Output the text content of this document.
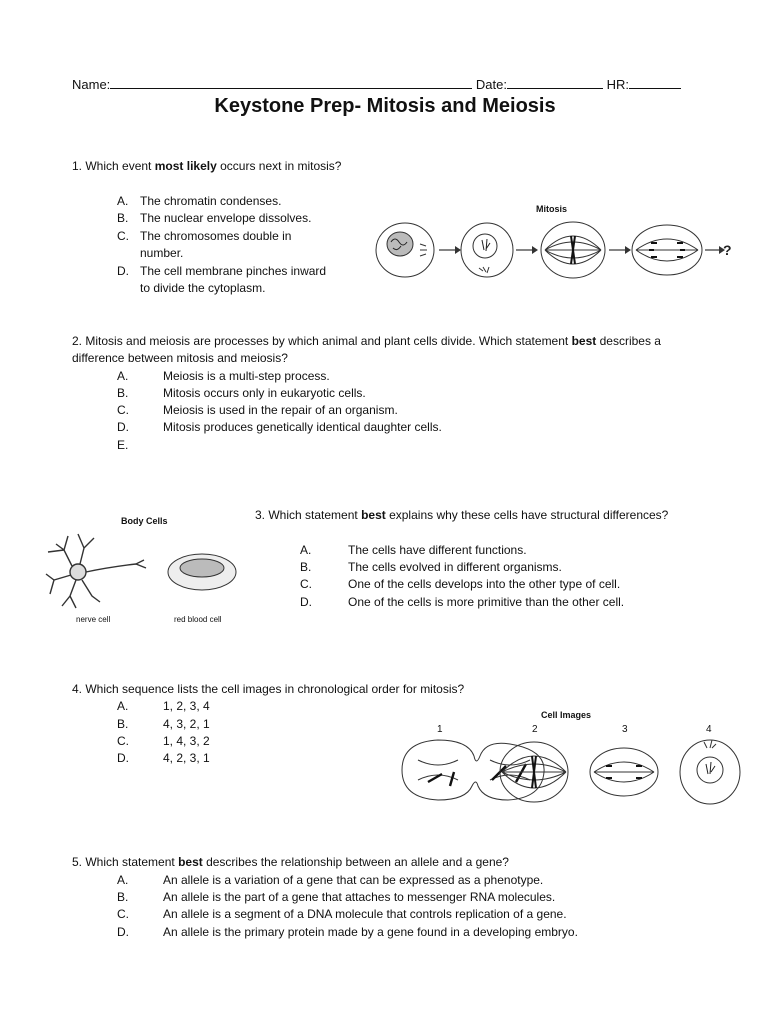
Name:	Date:	HR:
Keystone Prep- Mitosis and Meiosis
1. Which event most likely occurs next in mitosis?
A. The chromatin condenses.
B. The nuclear envelope dissolves.
C. The chromosomes double in
number.
D. The cell membrane pinches inward
to divide the cytoplasm.
Mitosis
?
2. Mitosis and meiosis are processes by which animal and plant cells divide. Which statement best describes a
difference between mitosis and meiosis?
A.	Meiosis is a multi-step process.
B.	Mitosis occurs only in eukaryotic cells.
C.	Meiosis is used in the repair of an organism.
D.	Mitosis produces genetically identical daughter cells.
E.
Body Cells
nerve cell	red blood cell
3. Which statement best explains why these cells have structural differences?
A.	The cells have different functions.
B.	The cells evolved in different organisms.
C.	One of the cells develops into the other type of cell.
D.	One of the cells is more primitive than the other cell.
4. Which sequence lists the cell images in chronological order for mitosis?
A.	1, 2, 3, 4
B.	4, 3, 2, 1
C.	1, 4, 3, 2
D.	4, 2, 3, 1
Cell Images
1	2	3	4
5. Which statement best describes the relationship between an allele and a gene?
A.	An allele is a variation of a gene that can be expressed as a phenotype.
B.	An allele is the part of a gene that attaches to messenger RNA molecules.
C.	An allele is a segment of a DNA molecule that controls replication of a gene.
D.	An allele is the primary protein made by a gene found in a developing embryo.
